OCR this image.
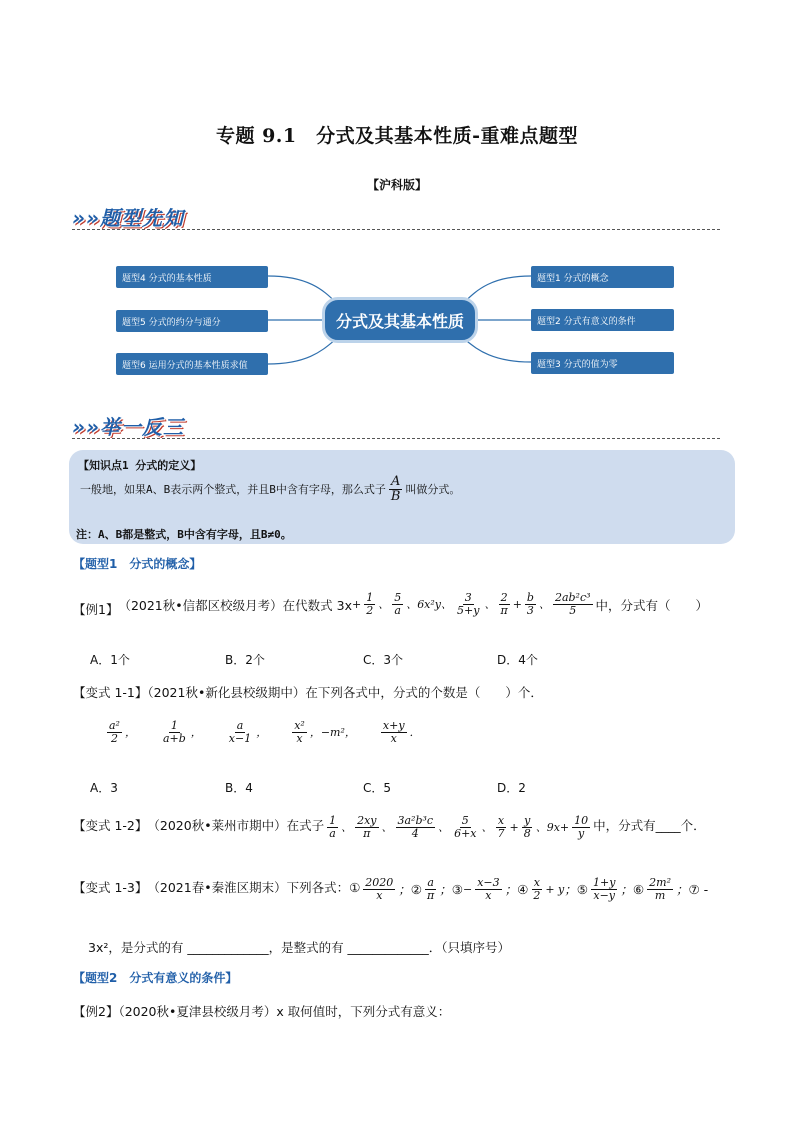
专题 9.1　分式及其基本性质-重难点题型
【沪科版】
»»题型先知
题型4 分式的基本性质
题型5 分式的约分与通分
题型6 运用分式的基本性质求值
分式及其基本性质
题型1 分式的概念
题型2 分式有意义的条件
题型3 分式的值为零
»»举一反三
【知识点1 分式的定义】
一般地，如果A、B表示两个整式，并且B中含有字母，那么式子 $\frac{A}{B}$ 叫做分式。
注：A、B都是整式，B中含有字母，且B≠0。
【题型1　分式的概念】
【例1】 （2021秋•信都区校级月考）在代数式 $3x + \frac{1}{2}$ 、 $\frac{5}{a}$ 、 6x²y 、 $\frac{3}{5+y}$ 、 $\frac{2}{\pi} + \frac{b}{3}$ 、 $\frac{\text{2ab²c³}}{5}$ 中，分式有（　　）
A．1个	B．2个	C．3个	D．4个
【变式 1-1】（2021秋•新化县校级期中）在下列各式中，分式的个数是（　　）个．
$\frac{\text{a²}}{2}$ ， $\frac{1}{a+b}$ ， $\frac{a}{x-1}$ ， $\frac{\text{x²}}{x}$ ， −m² ， $\frac{x+y}{x}$ ．
A．3	B．4	C．5	D．2
【变式 1-2】 （2020秋•莱州市期中）在式子 $\frac{1}{a}$ 、 $\frac{2xy}{\pi}$ 、 $\frac{\text{3a²b³c}}{4}$ 、 $\frac{5}{6+x}$ 、 $\frac{x}{7} + \frac{y}{8}$ 、 $9x + \frac{10}{y}$ 中，分式有____个．
【变式 1-3】 （2021春•秦淮区期末）下列各式：① $\frac{2020}{x}$ ；② $\frac{a}{\pi}$ ；③ − $\frac{x-3}{x}$ ；④ $\frac{x}{2} + y$ ；⑤ $\frac{1+y}{x-y}$ ；⑥ $\frac{\text{2m²}}{m}$ ；⑦ -
3x²，是分式的有 _____________，是整式的有 _____________．（只填序号）
【题型2　分式有意义的条件】
【例2】（2020秋•夏津县校级月考）x 取何值时，下列分式有意义：
